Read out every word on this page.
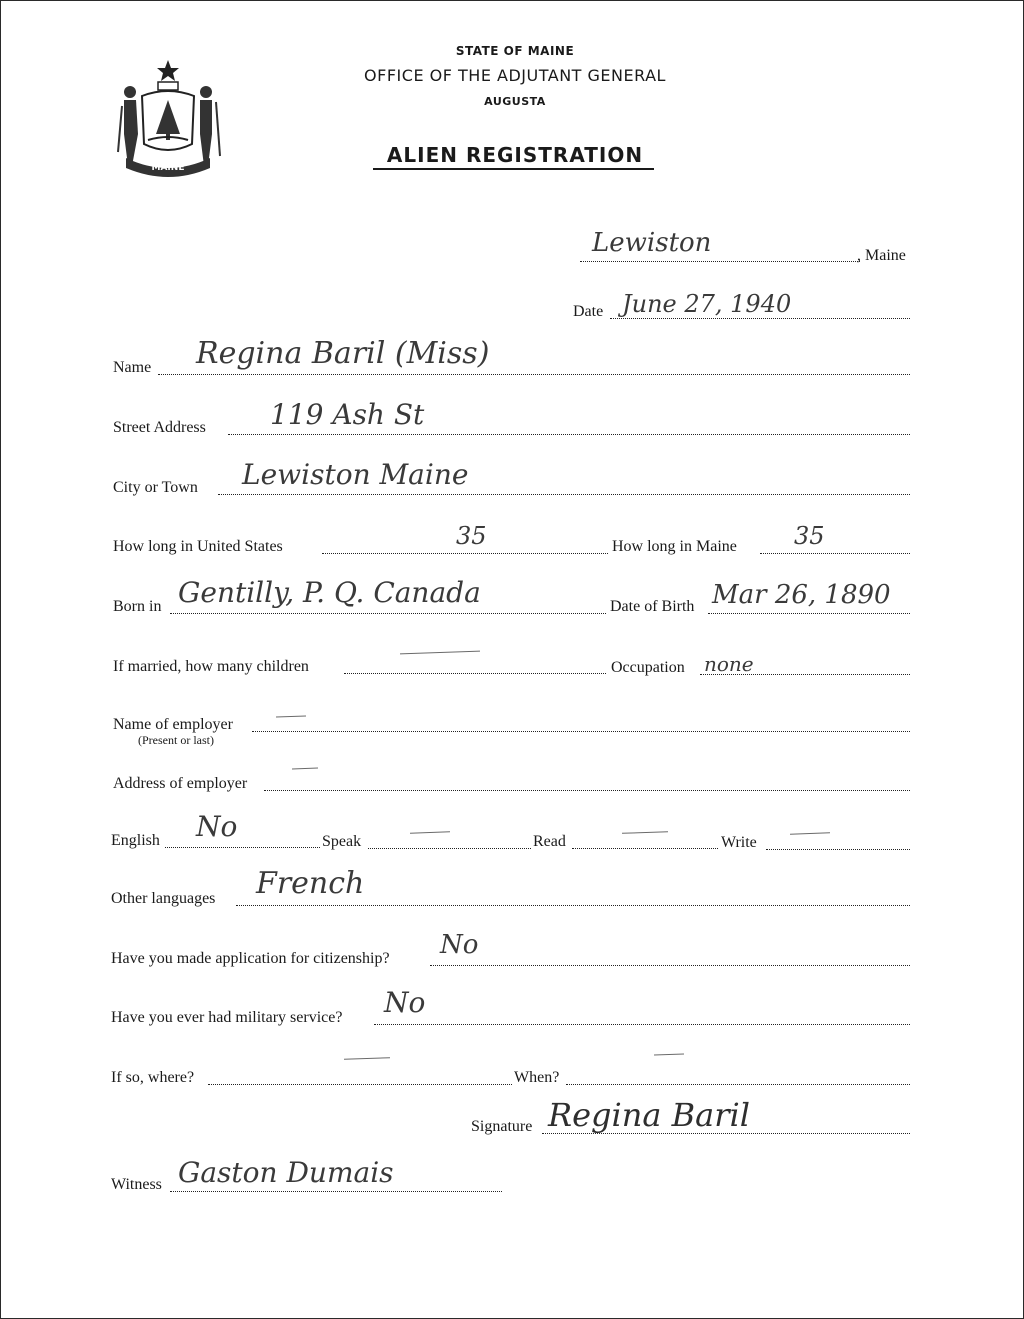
MAINE
STATE OF MAINE
OFFICE OF THE ADJUTANT GENERAL
AUGUSTA
ALIEN REGISTRATION
Lewiston	, Maine
Date June 27, 1940
Name Regina Baril (Miss)
Street Address 119 Ash St
City or Town Lewiston Maine
How long in United States	35	How long in Maine 35
Born in Gentilly, P. Q. Canada	Date of Birth Mar 26, 1890
If married, how many children	Occupation none
Name of employer
(Present or last)
Address of employer
English No	Speak	Read	Write
Other languages French
Have you made application for citizenship? No
Have you ever had military service? No
If so, where?	When?
Signature Regina Baril
Witness Gaston Dumais
